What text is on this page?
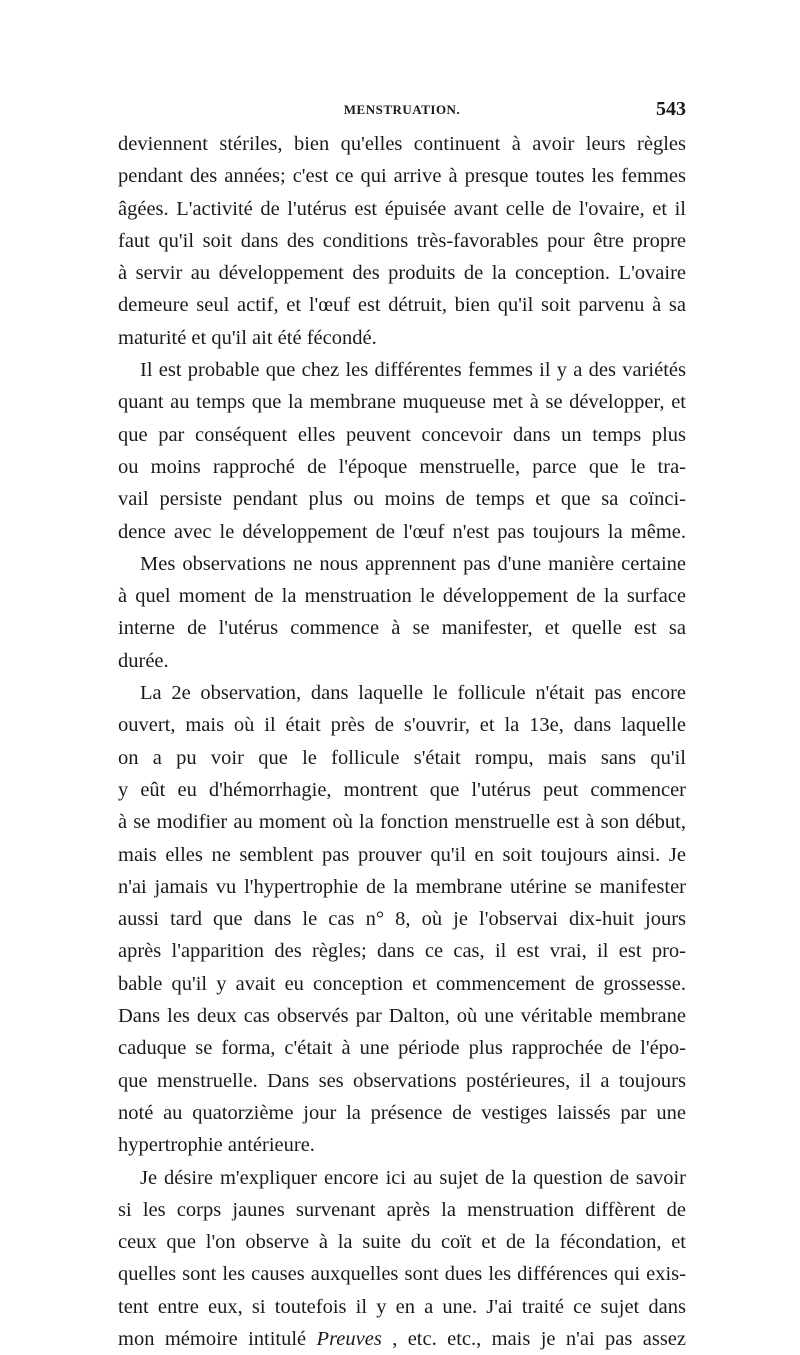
MENSTRUATION.	543
deviennent stériles, bien qu'elles continuent à avoir leurs règles
pendant des années; c'est ce qui arrive à presque toutes les femmes
âgées. L'activité de l'utérus est épuisée avant celle de l'ovaire, et il
faut qu'il soit dans des conditions très-favorables pour être propre
à servir au développement des produits de la conception. L'ovaire
demeure seul actif, et l'œuf est détruit, bien qu'il soit parvenu à sa
maturité et qu'il ait été fécondé.
Il est probable que chez les différentes femmes il y a des variétés
quant au temps que la membrane muqueuse met à se développer, et
que par conséquent elles peuvent concevoir dans un temps plus
ou moins rapproché de l'époque menstruelle, parce que le tra-
vail persiste pendant plus ou moins de temps et que sa coïnci-
dence avec le développement de l'œuf n'est pas toujours la même.
Mes observations ne nous apprennent pas d'une manière certaine
à quel moment de la menstruation le développement de la surface
interne de l'utérus commence à se manifester, et quelle est sa
durée.
La 2e observation, dans laquelle le follicule n'était pas encore
ouvert, mais où il était près de s'ouvrir, et la 13e, dans laquelle
on a pu voir que le follicule s'était rompu, mais sans qu'il
y eût eu d'hémorrhagie, montrent que l'utérus peut commencer
à se modifier au moment où la fonction menstruelle est à son début,
mais elles ne semblent pas prouver qu'il en soit toujours ainsi. Je
n'ai jamais vu l'hypertrophie de la membrane utérine se manifester
aussi tard que dans le cas n° 8, où je l'observai dix-huit jours
après l'apparition des règles; dans ce cas, il est vrai, il est pro-
bable qu'il y avait eu conception et commencement de grossesse.
Dans les deux cas observés par Dalton, où une véritable membrane
caduque se forma, c'était à une période plus rapprochée de l'épo-
que menstruelle. Dans ses observations postérieures, il a toujours
noté au quatorzième jour la présence de vestiges laissés par une
hypertrophie antérieure.
Je désire m'expliquer encore ici au sujet de la question de savoir
si les corps jaunes survenant après la menstruation diffèrent de
ceux que l'on observe à la suite du coït et de la fécondation, et
quelles sont les causes auxquelles sont dues les différences qui exis-
tent entre eux, si toutefois il y en a une. J'ai traité ce sujet dans
mon mémoire intitulé Preuves , etc. etc., mais je n'ai pas assez
